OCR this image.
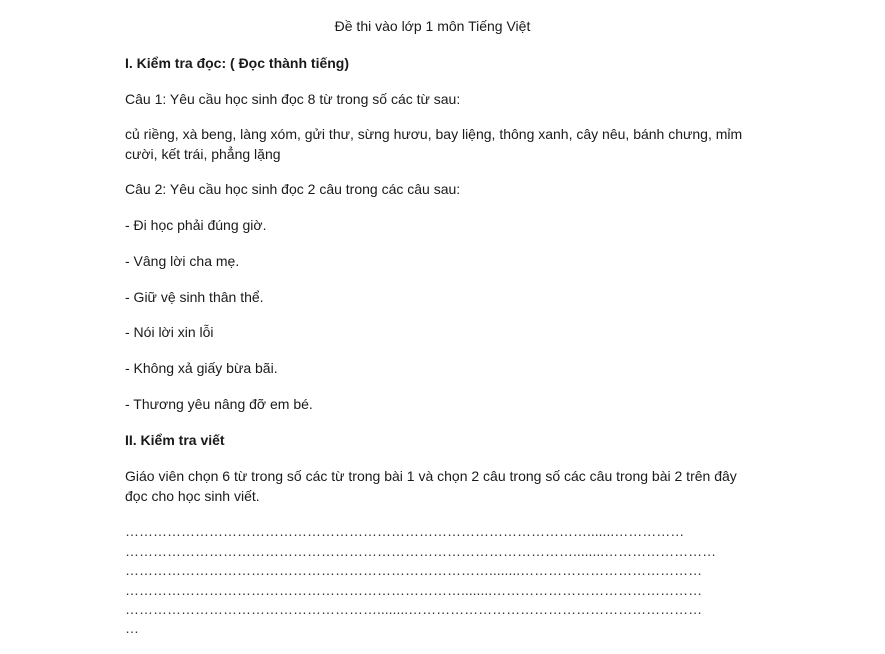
Đề thi vào lớp 1 môn Tiếng Việt
I. Kiểm tra đọc: ( Đọc thành tiếng)
Câu 1: Yêu cầu học sinh đọc 8 từ trong số các từ sau:
củ riềng, xà beng, làng xóm, gửi thư, sừng hươu, bay liệng, thông xanh, cây nêu, bánh chưng, mỉm cười, kết trái, phẳng lặng
Câu 2: Yêu cầu học sinh đọc 2 câu trong các câu sau:
- Đi học phải đúng giờ.
- Vâng lời cha mẹ.
- Giữ vệ sinh thân thể.
- Nói lời xin lỗi
- Không xả giấy bừa bãi.
- Thương yêu nâng đỡ em bé.
II. Kiểm tra viết
Giáo viên chọn 6 từ trong số các từ trong bài 1 và chọn 2 câu trong số các câu trong bài 2 trên đây đọc cho học sinh viết.
……………………………………………………………………………………….......……………
……………………………………………………………………………………........……………………
……………………………………………………………………........…………………………………
………………………………………………………………........………………………………………
………………………………………………........………………………………………………………
…
